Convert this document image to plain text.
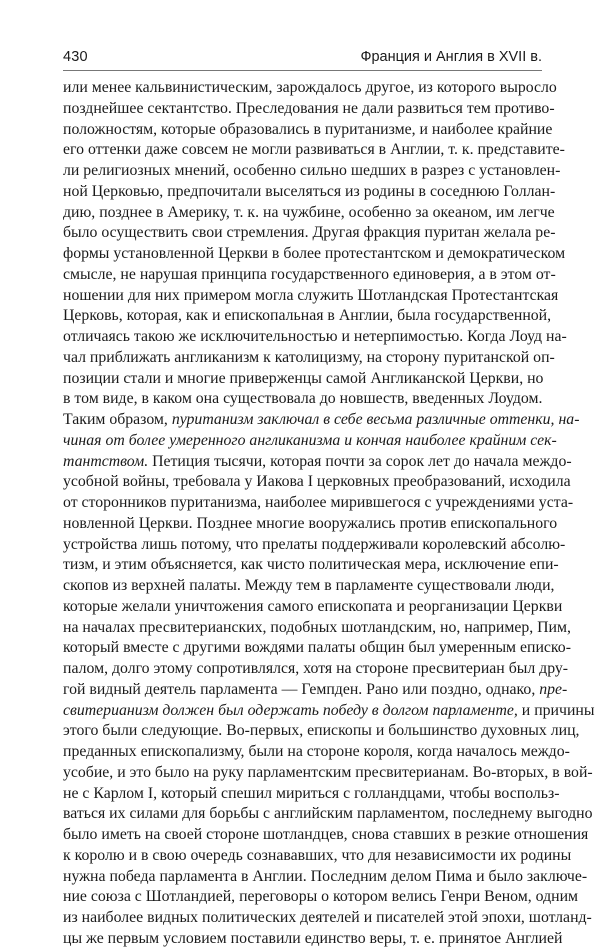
430	Франция и Англия в XVII в.
или менее кальвинистическим, зарождалось другое, из которого выросло
позднейшее сектантство. Преследования не дали развиться тем противо-
положностям, которые образовались в пуританизме, и наиболее крайние
его оттенки даже совсем не могли развиваться в Англии, т. к. представите-
ли религиозных мнений, особенно сильно шедших в разрез с установлен-
ной Церковью, предпочитали выселяться из родины в соседнюю Голлан-
дию, позднее в Америку, т. к. на чужбине, особенно за океаном, им легче
было осуществить свои стремления. Другая фракция пуритан желала ре-
формы установленной Церкви в более протестантском и демократическом
смысле, не нарушая принципа государственного единоверия, а в этом от-
ношении для них примером могла служить Шотландская Протестантская
Церковь, которая, как и епископальная в Англии, была государственной,
отличаясь такою же исключительностью и нетерпимостью. Когда Лоуд на-
чал приближать англиканизм к католицизму, на сторону пуританской оп-
позиции стали и многие приверженцы самой Англиканской Церкви, но
в том виде, в каком она существовала до новшеств, введенных Лоудом.
Таким образом, пуританизм заключал в себе весьма различные оттенки, на-
чиная от более умеренного англиканизма и кончая наиболее крайним сек-
тантством. Петиция тысячи, которая почти за сорок лет до начала междо-
усобной войны, требовала у Иакова I церковных преобразований, исходила
от сторонников пуританизма, наиболее мирившегося с учреждениями уста-
новленной Церкви. Позднее многие вооружались против епископального
устройства лишь потому, что прелаты поддерживали королевский абсолю-
тизм, и этим объясняется, как чисто политическая мера, исключение епи-
скопов из верхней палаты. Между тем в парламенте существовали люди,
которые желали уничтожения самого епископата и реорганизации Церкви
на началах пресвитерианских, подобных шотландским, но, например, Пим,
который вместе с другими вождями палаты общин был умеренным еписко-
палом, долго этому сопротивлялся, хотя на стороне пресвитериан был дру-
гой видный деятель парламента — Гемпден. Рано или поздно, однако, пре-
свитерианизм должен был одержать победу в долгом парламенте, и причины
этого были следующие. Во-первых, епископы и большинство духовных лиц,
преданных епископализму, были на стороне короля, когда началось междо-
усобие, и это было на руку парламентским пресвитерианам. Во-вторых, в вой-
не с Карлом I, который спешил мириться с голландцами, чтобы воспольз-
ваться их силами для борьбы с английским парламентом, последнему выгодно
было иметь на своей стороне шотландцев, снова ставших в резкие отношения
к королю и в свою очередь сознававших, что для независимости их родины
нужна победа парламента в Англии. Последним делом Пима и было заключе-
ние союза с Шотландией, переговоры о котором велись Генри Веном, одним
из наиболее видных политических деятелей и писателей этой эпохи, шотланд-
цы же первым условием поставили единство веры, т. е. принятое Англией
